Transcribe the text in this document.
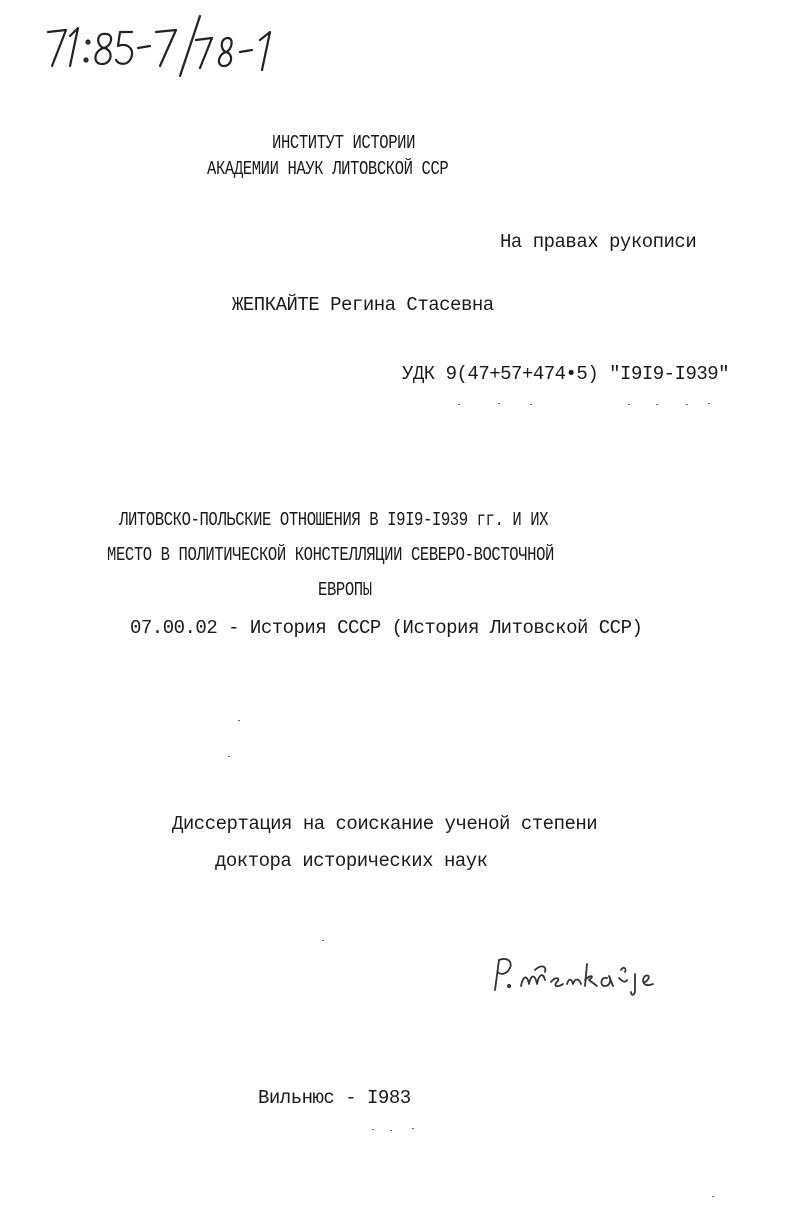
ИНСТИТУТ ИСТОРИИ
АКАДЕМИИ НАУК ЛИТОВСКОЙ ССР
На правах рукописи
ЖЕПКАЙТЕ Регина Стасевна
УДК 9(47+57+474•5) "I9I9-I939"
ЛИТОВСКО-ПОЛЬСКИЕ ОТНОШЕНИЯ В I9I9-I939 гг. И ИХ
МЕСТО В ПОЛИТИЧЕСКОЙ КОНСТЕЛЛЯЦИИ СЕВЕРО-ВОСТОЧНОЙ
ЕВРОПЫ
07.00.02 - История СССР (История Литовской ССР)
Диссертация на соискание ученой степени
доктора исторических наук
Вильнюс - I983
